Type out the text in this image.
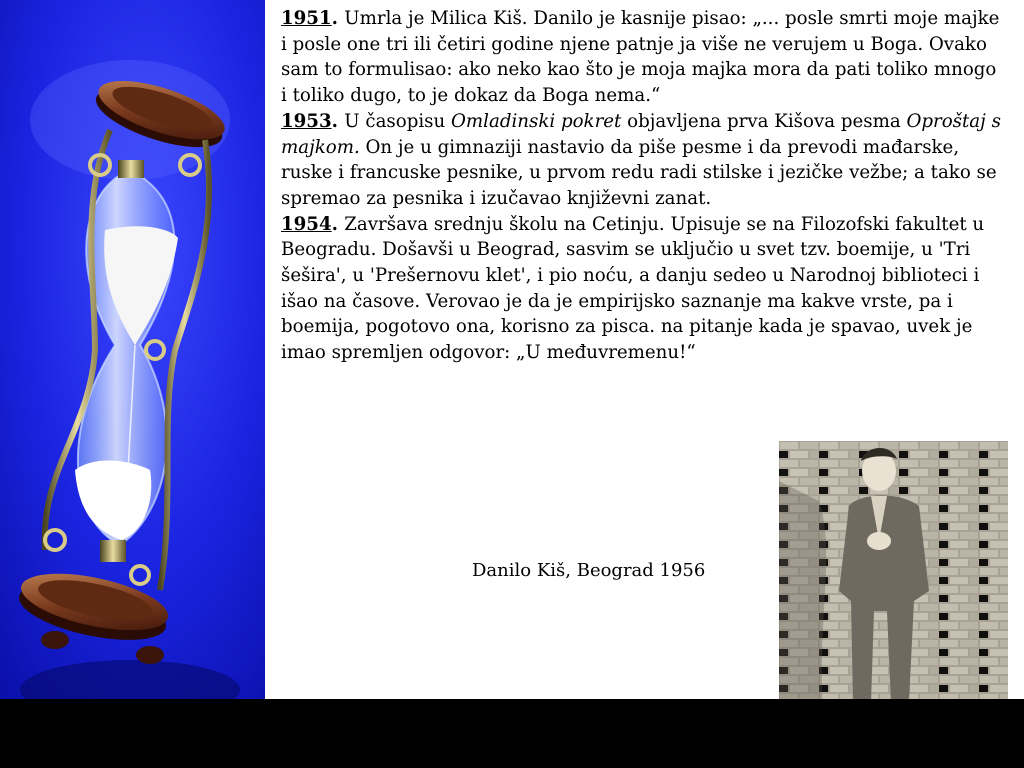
1951. Umrla je Milica Kiš. Danilo je kasnije pisao: „... posle smrti moje majke i posle one tri ili četiri godine njene patnje ja više ne verujem u Boga. Ovako sam to formulisao: ako neko kao što je moja majka mora da pati toliko mnogo i toliko dugo, to je dokaz da Boga nema.“

1953. U časopisu Omladinski pokret objavljena prva Kišova pesma Oproštaj s majkom. On je u gimnaziji nastavio da piše pesme i da prevodi mađarske, ruske i francuske pesnike, u prvom redu radi stilske i jezičke vežbe; a tako se spremao za pesnika i izučavao književni zanat.

1954. Završava srednju školu na Cetinju. Upisuje se na Filozofski fakultet u Beogradu. Došavši u Beograd, sasvim se uključio u svet tzv. boemije, u 'Tri šešira', u 'Prešernovu klet', i pio noću, a danju sedeo u Narodnoj biblioteci i išao na časove. Verovao je da je empirijsko saznanje ma kakve vrste, pa i boemija, pogotovo ona, korisno za pisca. na pitanje kada je spavao, uvek je imao spremljen odgovor: „U međuvremenu!“

Danilo Kiš, Beograd 1956
